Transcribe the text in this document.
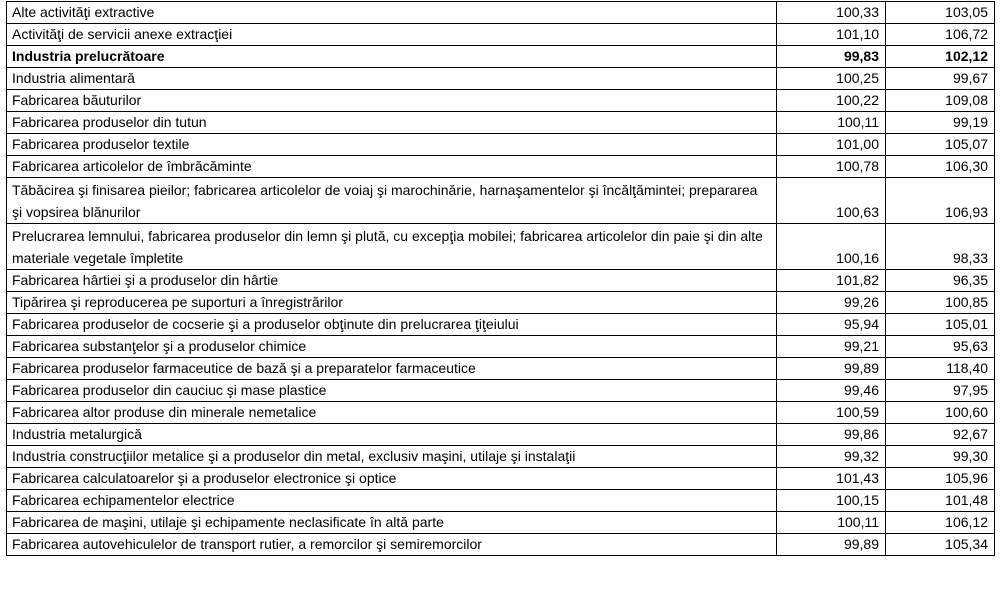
Alte activităţi extractive	100,33	103,05
Activităţi de servicii anexe extracţiei	101,10	106,72
Industria prelucrătoare	99,83	102,12
Industria alimentară	100,25	99,67
Fabricarea băuturilor	100,22	109,08
Fabricarea produselor din tutun	100,11	99,19
Fabricarea produselor textile	101,00	105,07
Fabricarea articolelor de îmbrăcăminte	100,78	106,30
Tăbăcirea şi finisarea pieilor; fabricarea articolelor de voiaj şi marochinărie, harnaşamentelor şi încălţămintei; prepararea şi vopsirea blănurilor	100,63	106,93
Prelucrarea lemnului, fabricarea produselor din lemn şi plută, cu excepţia mobilei; fabricarea articolelor din paie şi din alte materiale vegetale împletite	100,16	98,33
Fabricarea hârtiei şi a produselor din hârtie	101,82	96,35
Tipărirea şi reproducerea pe suporturi a înregistrărilor	99,26	100,85
Fabricarea produselor de cocserie şi a produselor obţinute din prelucrarea ţiţeiului	95,94	105,01
Fabricarea substanţelor şi a produselor chimice	99,21	95,63
Fabricarea produselor farmaceutice de bază şi a preparatelor farmaceutice	99,89	118,40
Fabricarea produselor din cauciuc şi mase plastice	99,46	97,95
Fabricarea altor produse din minerale nemetalice	100,59	100,60
Industria metalurgică	99,86	92,67
Industria construcţiilor metalice şi a produselor din metal, exclusiv maşini, utilaje şi instalaţii	99,32	99,30
Fabricarea calculatoarelor şi a produselor electronice şi optice	101,43	105,96
Fabricarea echipamentelor electrice	100,15	101,48
Fabricarea de maşini, utilaje şi echipamente neclasificate în altă parte	100,11	106,12
Fabricarea autovehiculelor de transport rutier, a remorcilor şi semiremorcilor	99,89	105,34
